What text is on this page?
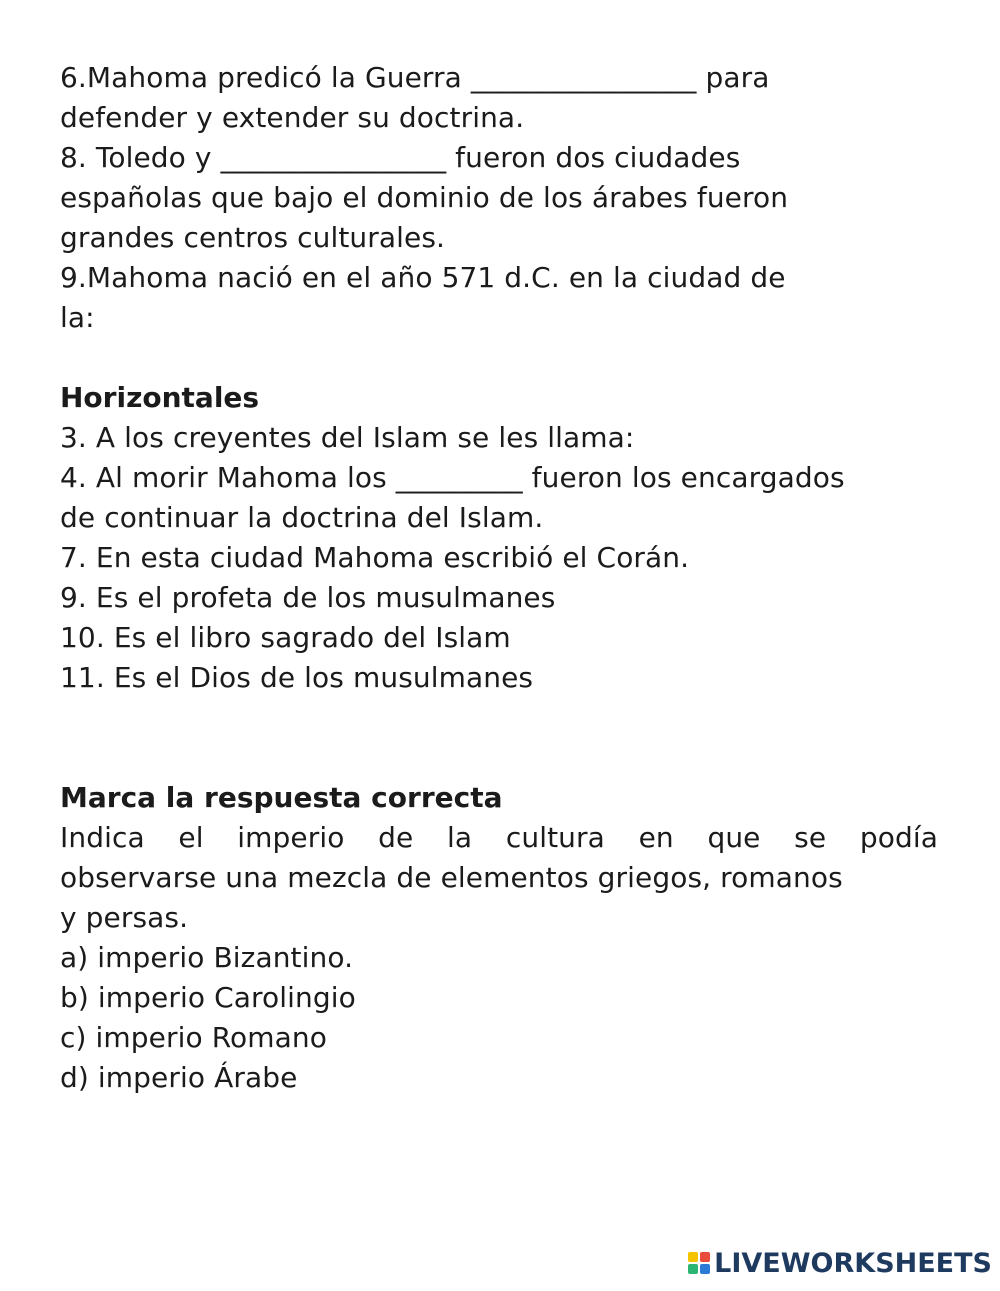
6.Mahoma predicó la Guerra ________________ para

defender y extender su doctrina.

8. Toledo y ________________ fueron dos ciudades

españolas que bajo el dominio de los árabes fueron

grandes centros culturales.

9.Mahoma nació en el año 571 d.C. en la ciudad de

la:

Horizontales

3. A los creyentes del Islam se les llama:

4. Al morir Mahoma los _________ fueron los encargados

de continuar la doctrina del Islam.

7. En esta ciudad Mahoma escribió el Corán.

9. Es el profeta de los musulmanes

10. Es el libro sagrado del Islam

11. Es el Dios de los musulmanes

Marca la respuesta correcta

Indica el imperio de la cultura en que se podía

observarse una mezcla de elementos griegos, romanos

y persas.

a) imperio Bizantino.

b) imperio Carolingio

c) imperio Romano

d) imperio Árabe

LIVEWORKSHEETS
